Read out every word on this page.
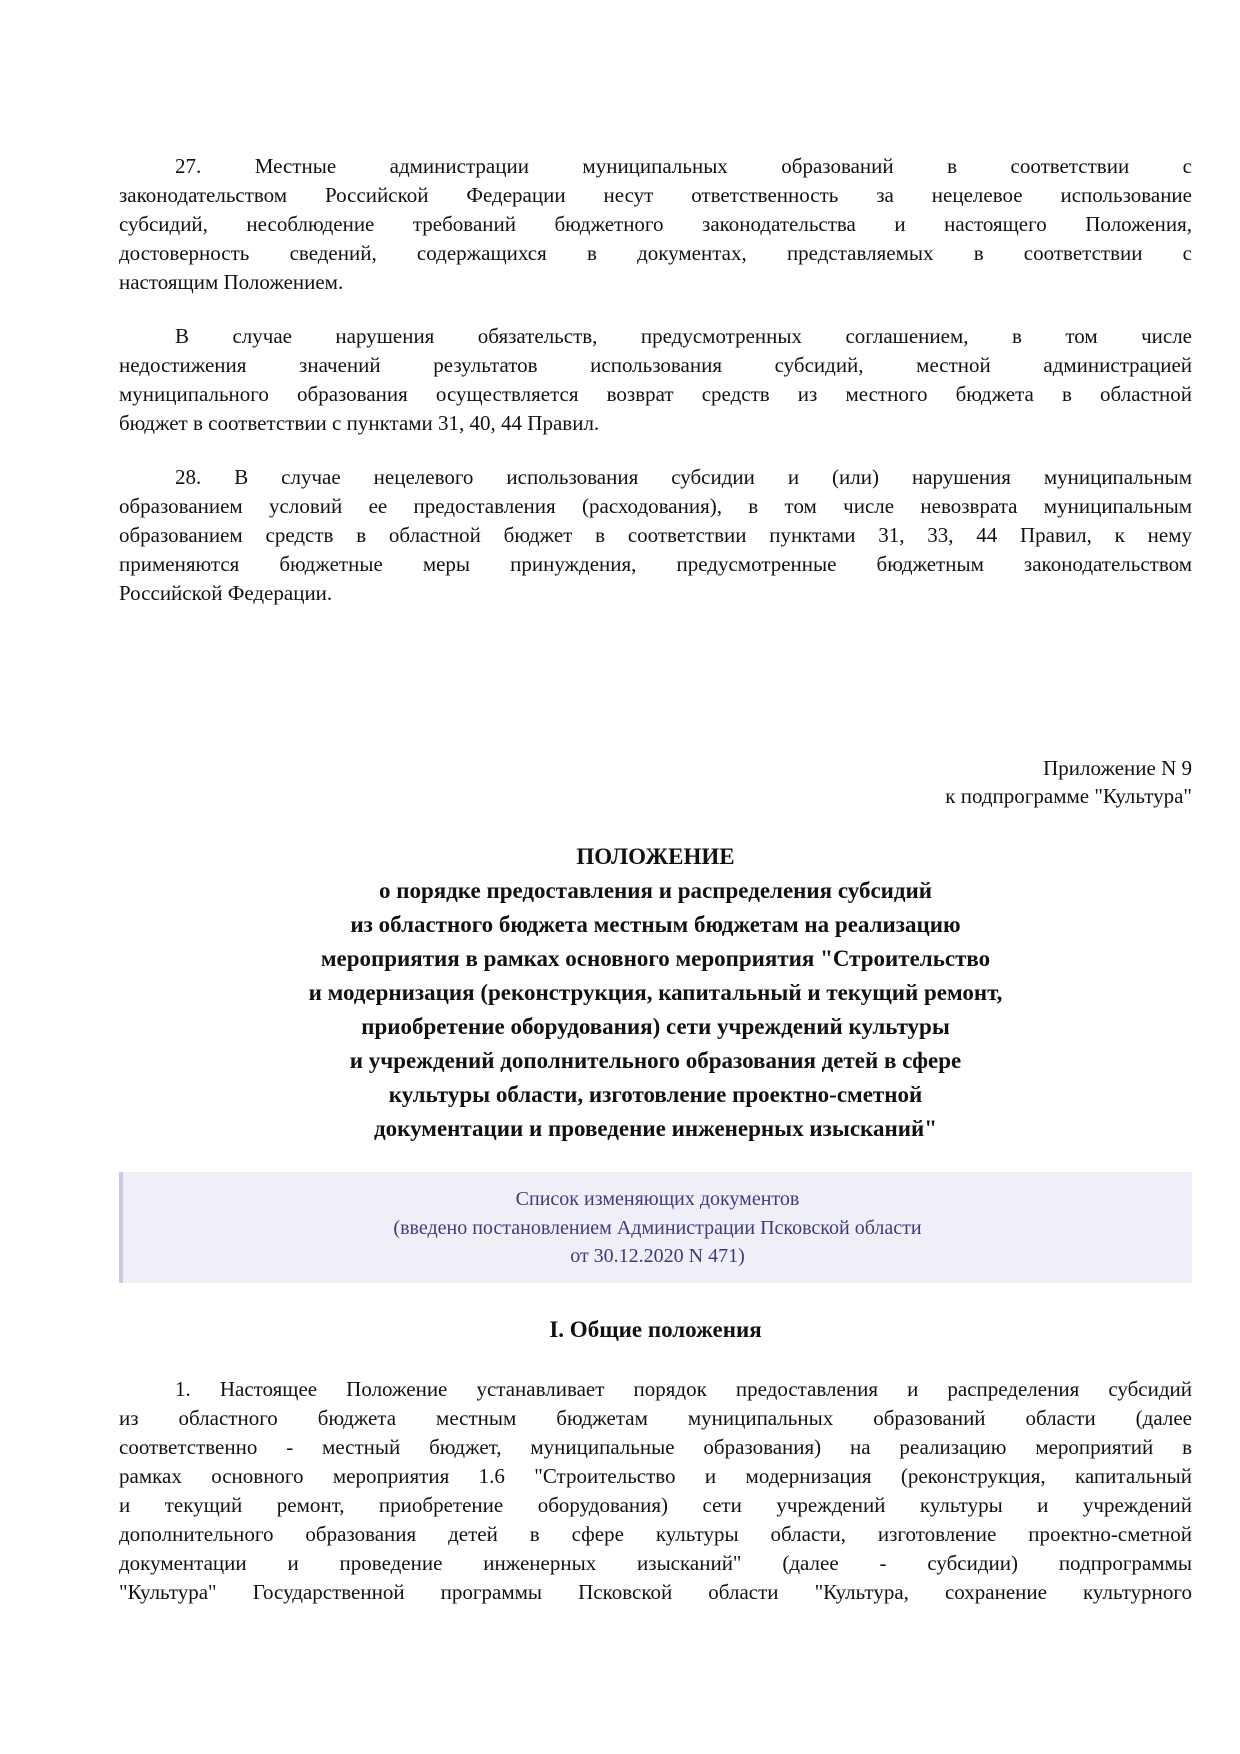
27. Местные администрации муниципальных образований в соответствии с
законодательством Российской Федерации несут ответственность за нецелевое использование
субсидий, несоблюдение требований бюджетного законодательства и настоящего Положения,
достоверность сведений, содержащихся в документах, представляемых в соответствии с
настоящим Положением.
В случае нарушения обязательств, предусмотренных соглашением, в том числе
недостижения значений результатов использования субсидий, местной администрацией
муниципального образования осуществляется возврат средств из местного бюджета в областной
бюджет в соответствии с пунктами 31, 40, 44 Правил.
28. В случае нецелевого использования субсидии и (или) нарушения муниципальным
образованием условий ее предоставления (расходования), в том числе невозврата муниципальным
образованием средств в областной бюджет в соответствии пунктами 31, 33, 44 Правил, к нему
применяются бюджетные меры принуждения, предусмотренные бюджетным законодательством
Российской Федерации.
Приложение N 9
к подпрограмме "Культура"
ПОЛОЖЕНИЕ
о порядке предоставления и распределения субсидий
из областного бюджета местным бюджетам на реализацию
мероприятия в рамках основного мероприятия "Строительство
и модернизация (реконструкция, капитальный и текущий ремонт,
приобретение оборудования) сети учреждений культуры
и учреждений дополнительного образования детей в сфере
культуры области, изготовление проектно-сметной
документации и проведение инженерных изысканий"
Список изменяющих документов
(введено постановлением Администрации Псковской области
от 30.12.2020 N 471)
I. Общие положения
1. Настоящее Положение устанавливает порядок предоставления и распределения субсидий
из областного бюджета местным бюджетам муниципальных образований области (далее
соответственно - местный бюджет, муниципальные образования) на реализацию мероприятий в
рамках основного мероприятия 1.6 "Строительство и модернизация (реконструкция, капитальный
и текущий ремонт, приобретение оборудования) сети учреждений культуры и учреждений
дополнительного образования детей в сфере культуры области, изготовление проектно-сметной
документации и проведение инженерных изысканий" (далее - субсидии) подпрограммы
"Культура" Государственной программы Псковской области "Культура, сохранение культурного
